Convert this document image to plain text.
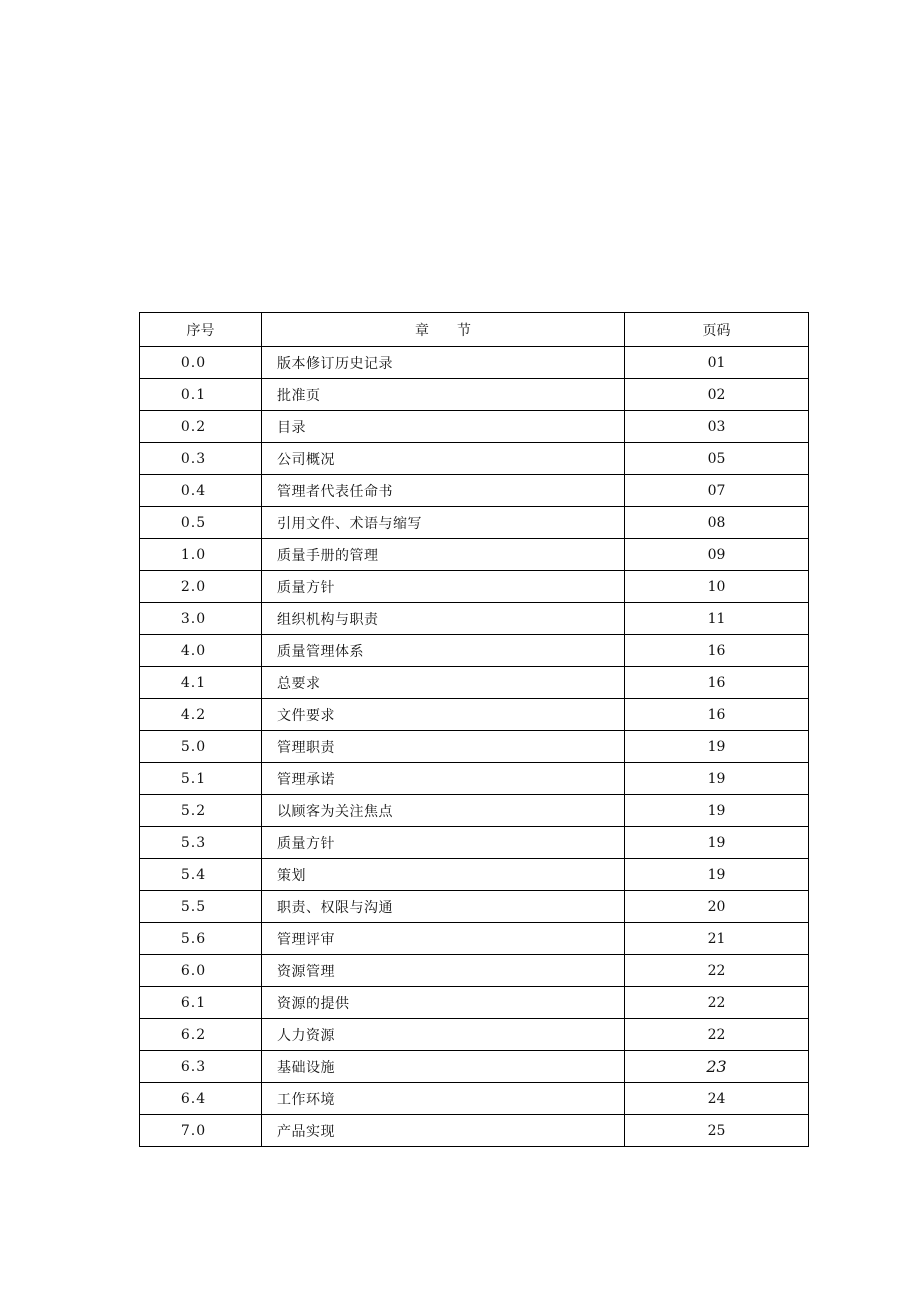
序号	章　　节	页码
0.0	版本修订历史记录	01
0.1	批准页	02
0.2	目录	03
0.3	公司概况	05
0.4	管理者代表任命书	07
0.5	引用文件、术语与缩写	08
1.0	质量手册的管理	09
2.0	质量方针	10
3.0	组织机构与职责	11
4.0	质量管理体系	16
4.1	总要求	16
4.2	文件要求	16
5.0	管理职责	19
5.1	管理承诺	19
5.2	以顾客为关注焦点	19
5.3	质量方针	19
5.4	策划	19
5.5	职责、权限与沟通	20
5.6	管理评审	21
6.0	资源管理	22
6.1	资源的提供	22
6.2	人力资源	22
6.3	基础设施	23
6.4	工作环境	24
7.0	产品实现	25
